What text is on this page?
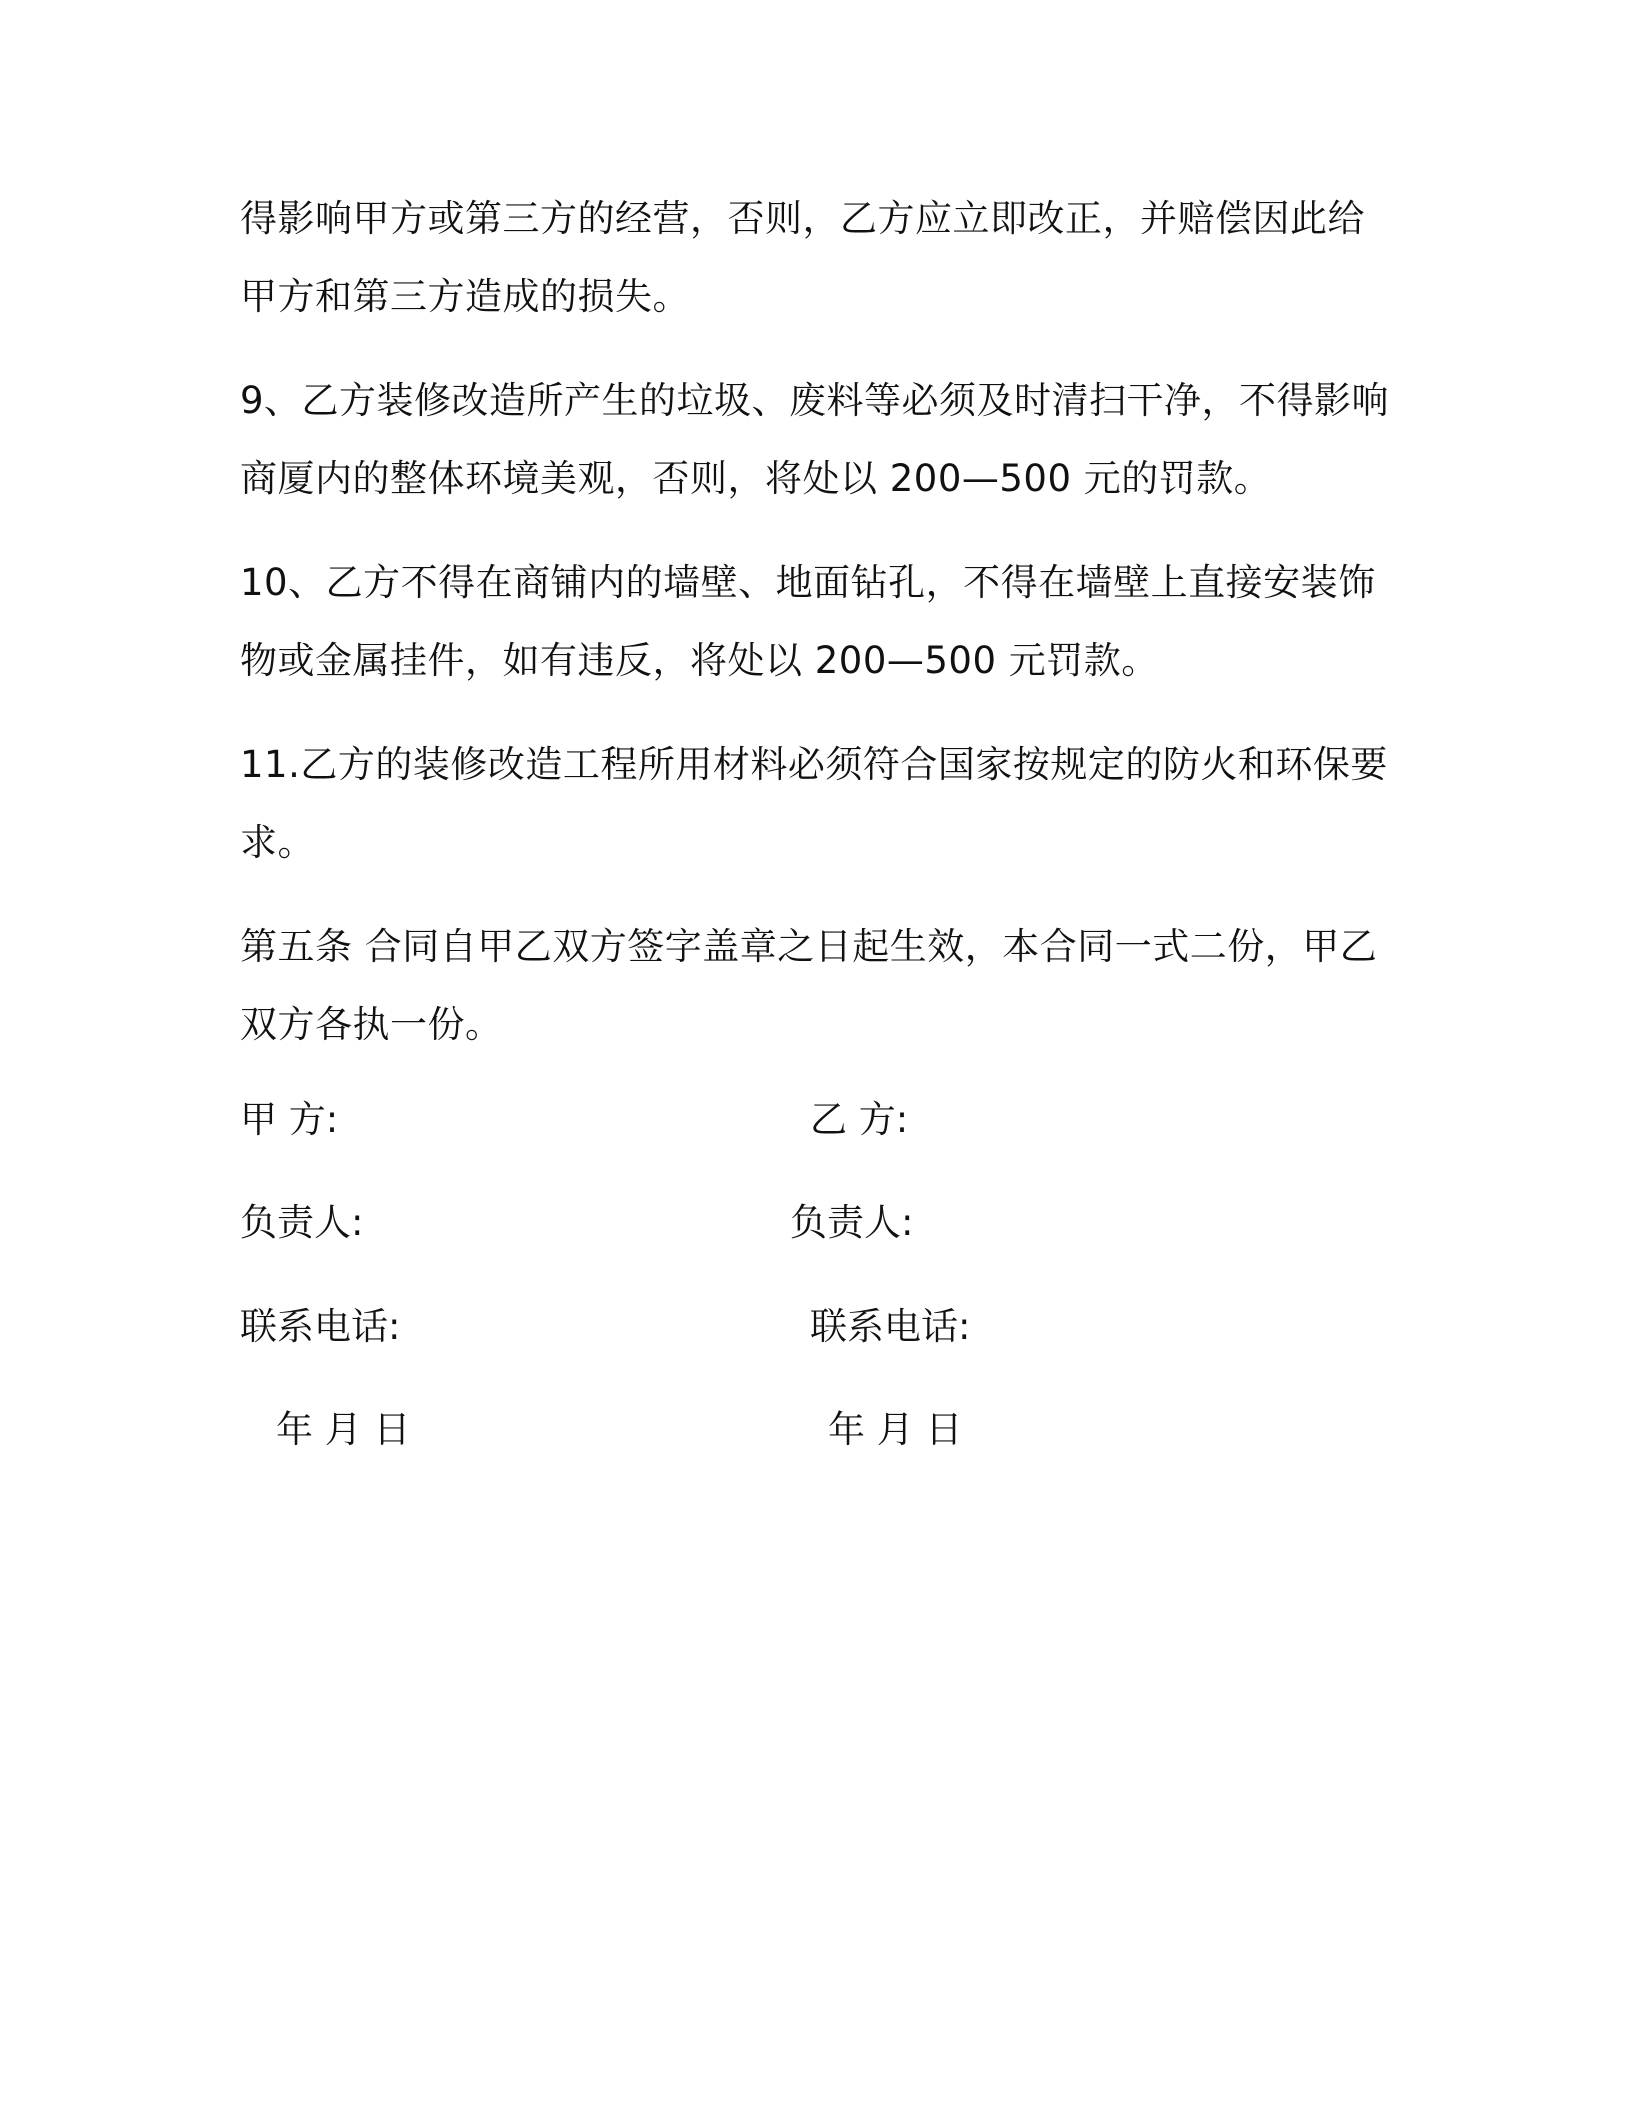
得影响甲方或第三方的经营，否则，乙方应立即改正，并赔偿因此给甲方和第三方造成的损失。

9、乙方装修改造所产生的垃圾、废料等必须及时清扫干净，不得影响商厦内的整体环境美观，否则，将处以 200—500 元的罚款。

10、乙方不得在商铺内的墙壁、地面钻孔，不得在墙壁上直接安装饰物或金属挂件，如有违反，将处以 200—500 元罚款。

11.乙方的装修改造工程所用材料必须符合国家按规定的防火和环保要求。

第五条 合同自甲乙双方签字盖章之日起生效，本合同一式二份，甲乙双方各执一份。

甲 方:
负责人:
联系电话:
年 月 日
乙 方:
负责人:
联系电话:
年 月 日
